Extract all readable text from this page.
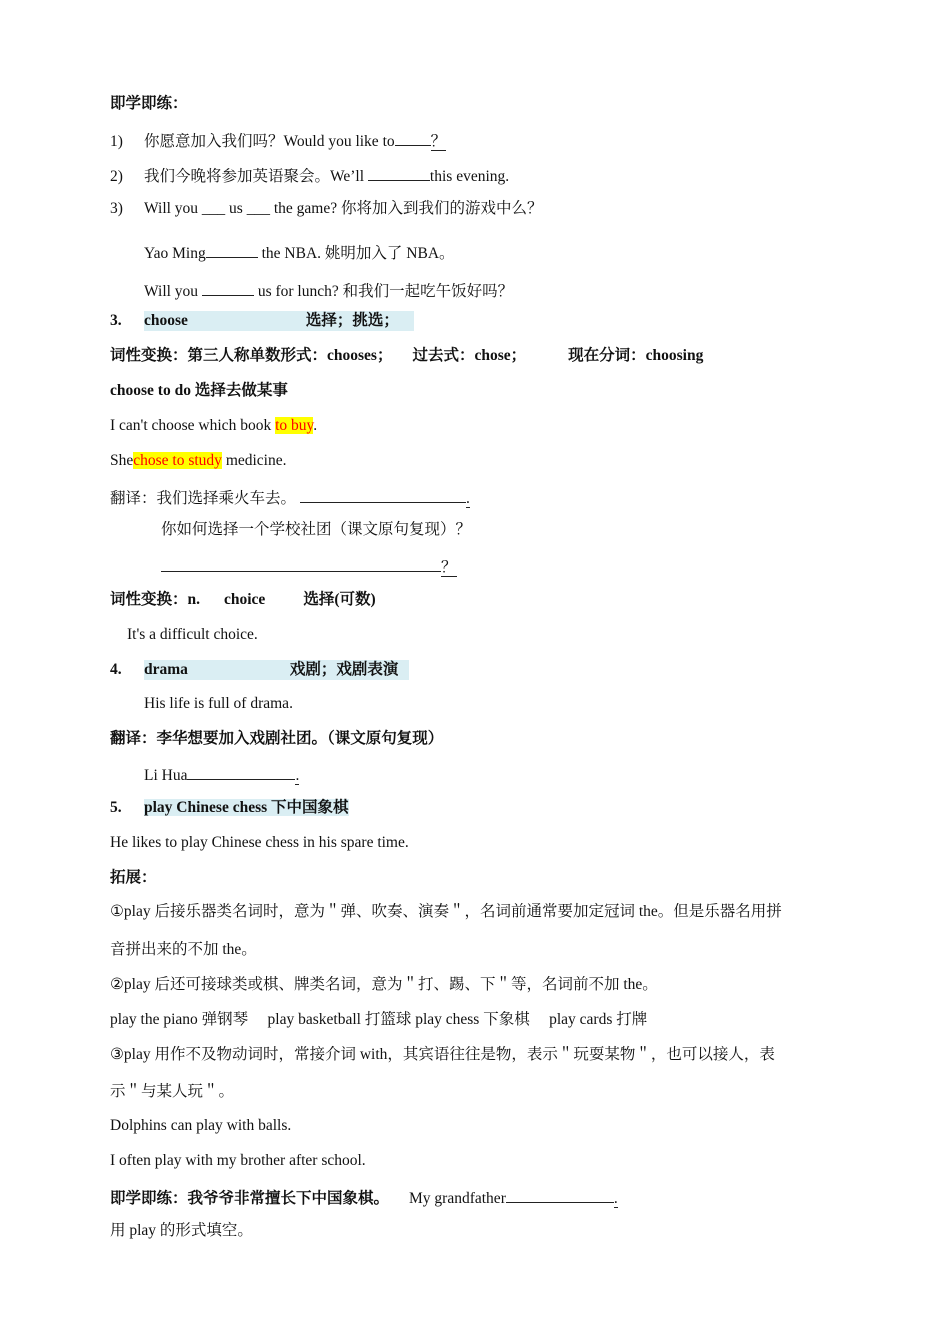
即学即练：
1) 你愿意加入我们吗？Would you like to ？
2) 我们今晚将参加英语聚会。We’ll	this evening.
3) Will you ___ us ___ the game? 你将加入到我们的游戏中么？
Yao Ming	the NBA. 姚明加入了 NBA。
Will you	us for lunch? 和我们一起吃午饭好吗？
3. choose	选择；挑选；
词性变换：第三人称单数形式：chooses； 过去式：chose；	现在分词：choosing
choose to do 选择去做某事
I can't choose which book to buy.
Shechose to study medicine.
翻译：我们选择乘火车去。	.
你如何选择一个学校社团（课文原句复现）？
？
词性变换：n. choice 选择(可数)
It's a difficult choice.
4. drama	戏剧；戏剧表演
His life is full of drama.
翻译：李华想要加入戏剧社团。（课文原句复现）
Li Hua	.
5. play Chinese chess 下中国象棋
He likes to play Chinese chess in his spare time.
拓展：
①play 后接乐器类名词时，意为＂弹、吹奏、演奏＂，名词前通常要加定冠词 the。但是乐器名用拼
音拼出来的不加 the。
②play 后还可接球类或棋、牌类名词，意为＂打、踢、下＂等，名词前不加 the。
play the piano 弹钢琴     play basketball 打篮球 play chess 下象棋     play cards 打牌
③play 用作不及物动词时，常接介词 with，其宾语往往是物，表示＂玩耍某物＂，也可以接人，表
示＂与某人玩＂。
Dolphins can play with balls.
I often play with my brother after school.
即学即练：我爷爷非常擅长下中国象棋。 My grandfather	.
用 play 的形式填空。
